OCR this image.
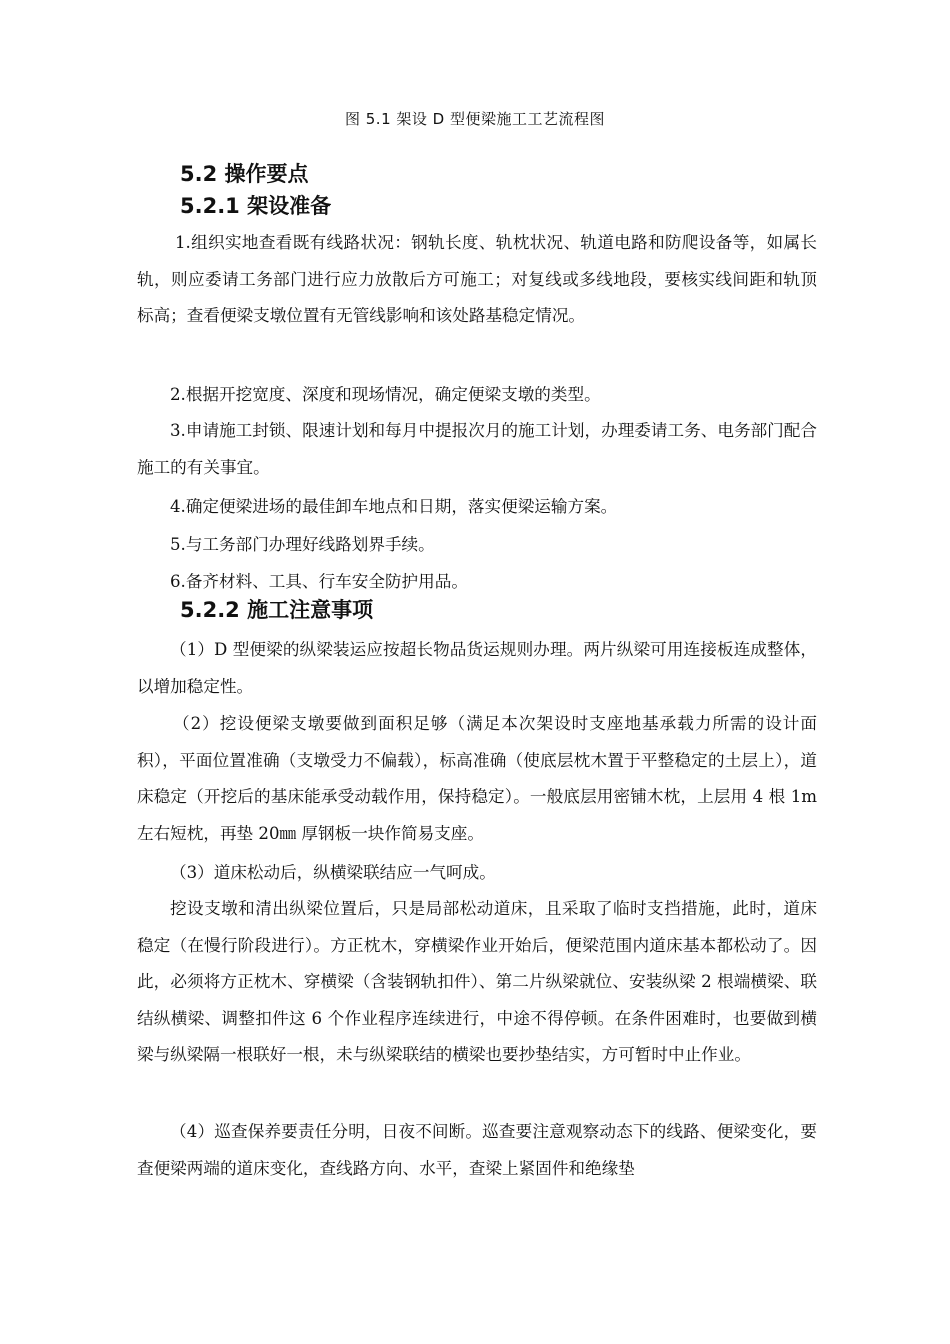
图 5.1 架设 D 型便梁施工工艺流程图
5.2 操作要点
5.2.1 架设准备
1.组织实地查看既有线路状况：钢轨长度、轨枕状况、轨道电路和防爬设备等，如属长轨，则应委请工务部门进行应力放散后方可施工；对复线或多线地段，要核实线间距和轨顶标高；查看便梁支墩位置有无管线影响和该处路基稳定情况。
2.根据开挖宽度、深度和现场情况，确定便梁支墩的类型。
3.申请施工封锁、限速计划和每月中提报次月的施工计划，办理委请工务、电务部门配合施工的有关事宜。
4.确定便梁进场的最佳卸车地点和日期，落实便梁运输方案。
5.与工务部门办理好线路划界手续。
6.备齐材料、工具、行车安全防护用品。
5.2.2 施工注意事项
（1）D 型便梁的纵梁装运应按超长物品货运规则办理。两片纵梁可用连接板连成整体，以增加稳定性。
（2）挖设便梁支墩要做到面积足够（满足本次架设时支座地基承载力所需的设计面积），平面位置准确（支墩受力不偏载），标高准确（使底层枕木置于平整稳定的土层上），道床稳定（开挖后的基床能承受动载作用，保持稳定）。一般底层用密铺木枕，上层用 4 根 1m 左右短枕，再垫 20㎜ 厚钢板一块作简易支座。
（3）道床松动后，纵横梁联结应一气呵成。
挖设支墩和清出纵梁位置后，只是局部松动道床，且采取了临时支挡措施，此时，道床稳定（在慢行阶段进行）。方正枕木，穿横梁作业开始后，便梁范围内道床基本都松动了。因此，必须将方正枕木、穿横梁（含装钢轨扣件）、第二片纵梁就位、安装纵梁 2 根端横梁、联结纵横梁、调整扣件这 6 个作业程序连续进行，中途不得停顿。在条件困难时，也要做到横梁与纵梁隔一根联好一根，未与纵梁联结的横梁也要抄垫结实，方可暂时中止作业。
（4）巡查保养要责任分明，日夜不间断。巡查要注意观察动态下的线路、便梁变化，要查便梁两端的道床变化，查线路方向、水平，查梁上紧固件和绝缘垫
